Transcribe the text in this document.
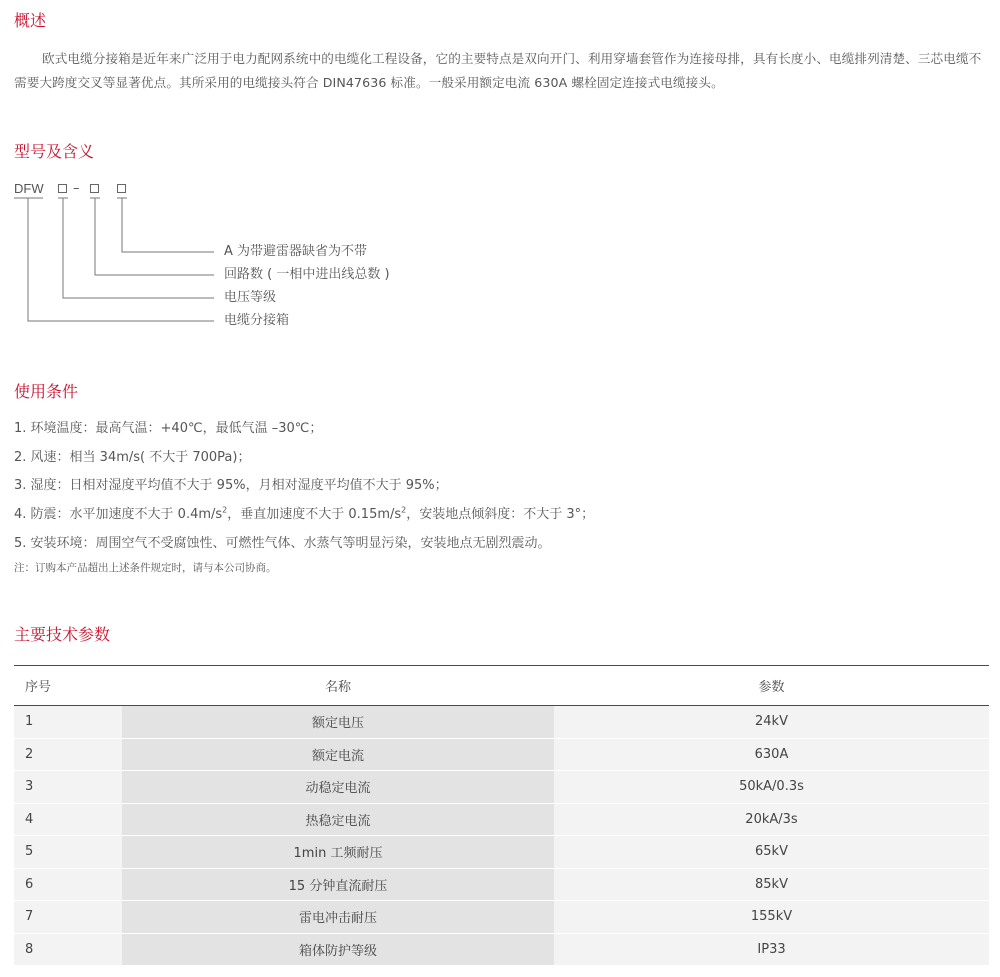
概述

欧式电缆分接箱是近年来广泛用于电力配网系统中的电缆化工程设备，它的主要特点是双向开门、利用穿墙套管作为连接母排，具有长度小、电缆排列清楚、三芯电缆不需要大跨度交叉等显著优点。其所采用的电缆接头符合 DIN47636 标准。一般采用额定电流 630A 螺栓固定连接式电缆接头。

型号及含义
DFW –
A 为带避雷器缺省为不带
回路数 ( 一相中进出线总数 )
电压等级
电缆分接箱
使用条件

1. 环境温度：最高气温：+40℃，最低气温 –30℃；

2. 风速：相当 34m/s( 不大于 700Pa)；

3. 湿度：日相对湿度平均值不大于 95%，月相对湿度平均值不大于 95%；

4. 防震：水平加速度不大于 $0.4m/s^2$，垂直加速度不大于 $0.15m/s^2$，安装地点倾斜度：不大于 3°；

5. 安装环境：周围空气不受腐蚀性、可燃性气体、水蒸气等明显污染，安装地点无剧烈震动。

注：订购本产品超出上述条件规定时，请与本公司协商。
主要技术参数
序号	名称	参数
1	额定电压	24kV
2	额定电流	630A
3	动稳定电流	50kA/0.3s
4	热稳定电流	20kA/3s
5	1min 工频耐压	65kV
6	15 分钟直流耐压	85kV
7	雷电冲击耐压	155kV
8	箱体防护等级	IP33
